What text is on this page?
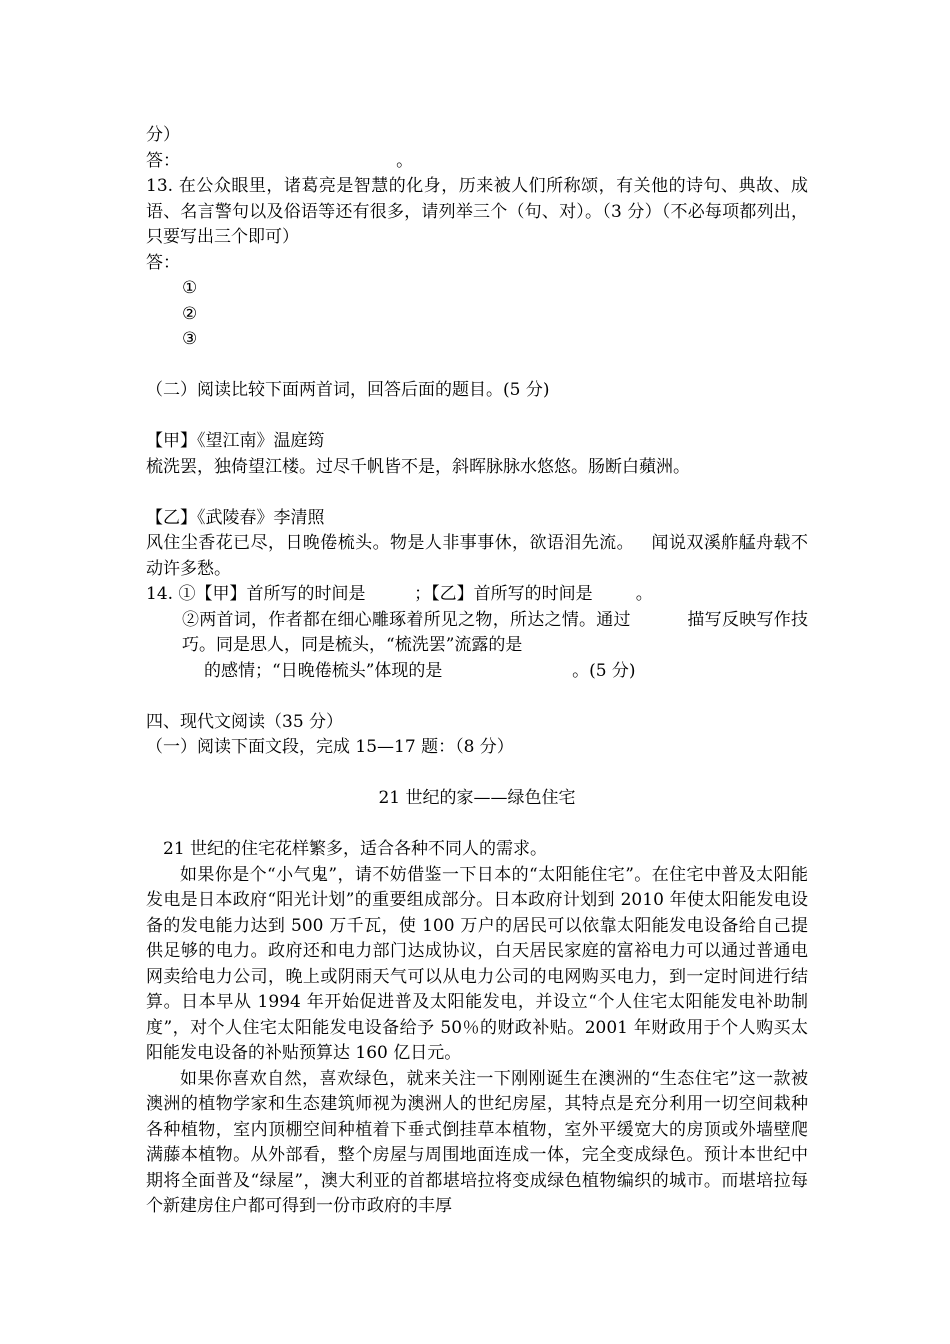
分）
答：                                        。
13. 在公众眼里，诸葛亮是智慧的化身，历来被人们所称颂，有关他的诗句、典故、成语、名言警句以及俗语等还有很多，请列举三个（句、对）。（3 分）（不必每项都列出，只要写出三个即可）
答：
①
②
③
（二）阅读比较下面两首词，回答后面的题目。(5 分)
【甲】《望江南》温庭筠
梳洗罢，独倚望江楼。过尽千帆皆不是，斜晖脉脉水悠悠。肠断白蘋洲。
【乙】《武陵春》李清照
风住尘香花已尽，日晚倦梳头。物是人非事事休，欲语泪先流。   闻说双溪舴艋舟载不动许多愁。
14. ①【甲】首所写的时间是         ；【乙】首所写的时间是        。
②两首词，作者都在细心雕琢着所见之物，所达之情。通过          描写反映写作技巧。同是思人，同是梳头，“梳洗罢”流露的是
的感情；“日晚倦梳头”体现的是                        。(5 分)
四、现代文阅读（35 分）
（一）阅读下面文段，完成 15—17 题：（8 分）
21 世纪的家——绿色住宅
21 世纪的住宅花样繁多，适合各种不同人的需求。
如果你是个“小气鬼”，请不妨借鉴一下日本的“太阳能住宅”。在住宅中普及太阳能发电是日本政府“阳光计划”的重要组成部分。日本政府计划到 2010 年使太阳能发电设备的发电能力达到 500 万千瓦，使 100 万户的居民可以依靠太阳能发电设备给自己提供足够的电力。政府还和电力部门达成协议，白天居民家庭的富裕电力可以通过普通电网卖给电力公司，晚上或阴雨天气可以从电力公司的电网购买电力，到一定时间进行结算。日本早从 1994 年开始促进普及太阳能发电，并设立“个人住宅太阳能发电补助制度”，对个人住宅太阳能发电设备给予 50％的财政补贴。2001 年财政用于个人购买太阳能发电设备的补贴预算达 160 亿日元。
如果你喜欢自然，喜欢绿色，就来关注一下刚刚诞生在澳洲的“生态住宅”这一款被澳洲的植物学家和生态建筑师视为澳洲人的世纪房屋，其特点是充分利用一切空间栽种各种植物，室内顶棚空间种植着下垂式倒挂草本植物，室外平缓宽大的房顶或外墙壁爬满藤本植物。从外部看，整个房屋与周围地面连成一体，完全变成绿色。预计本世纪中期将全面普及“绿屋”，澳大利亚的首都堪培拉将变成绿色植物编织的城市。而堪培拉每个新建房住户都可得到一份市政府的丰厚
